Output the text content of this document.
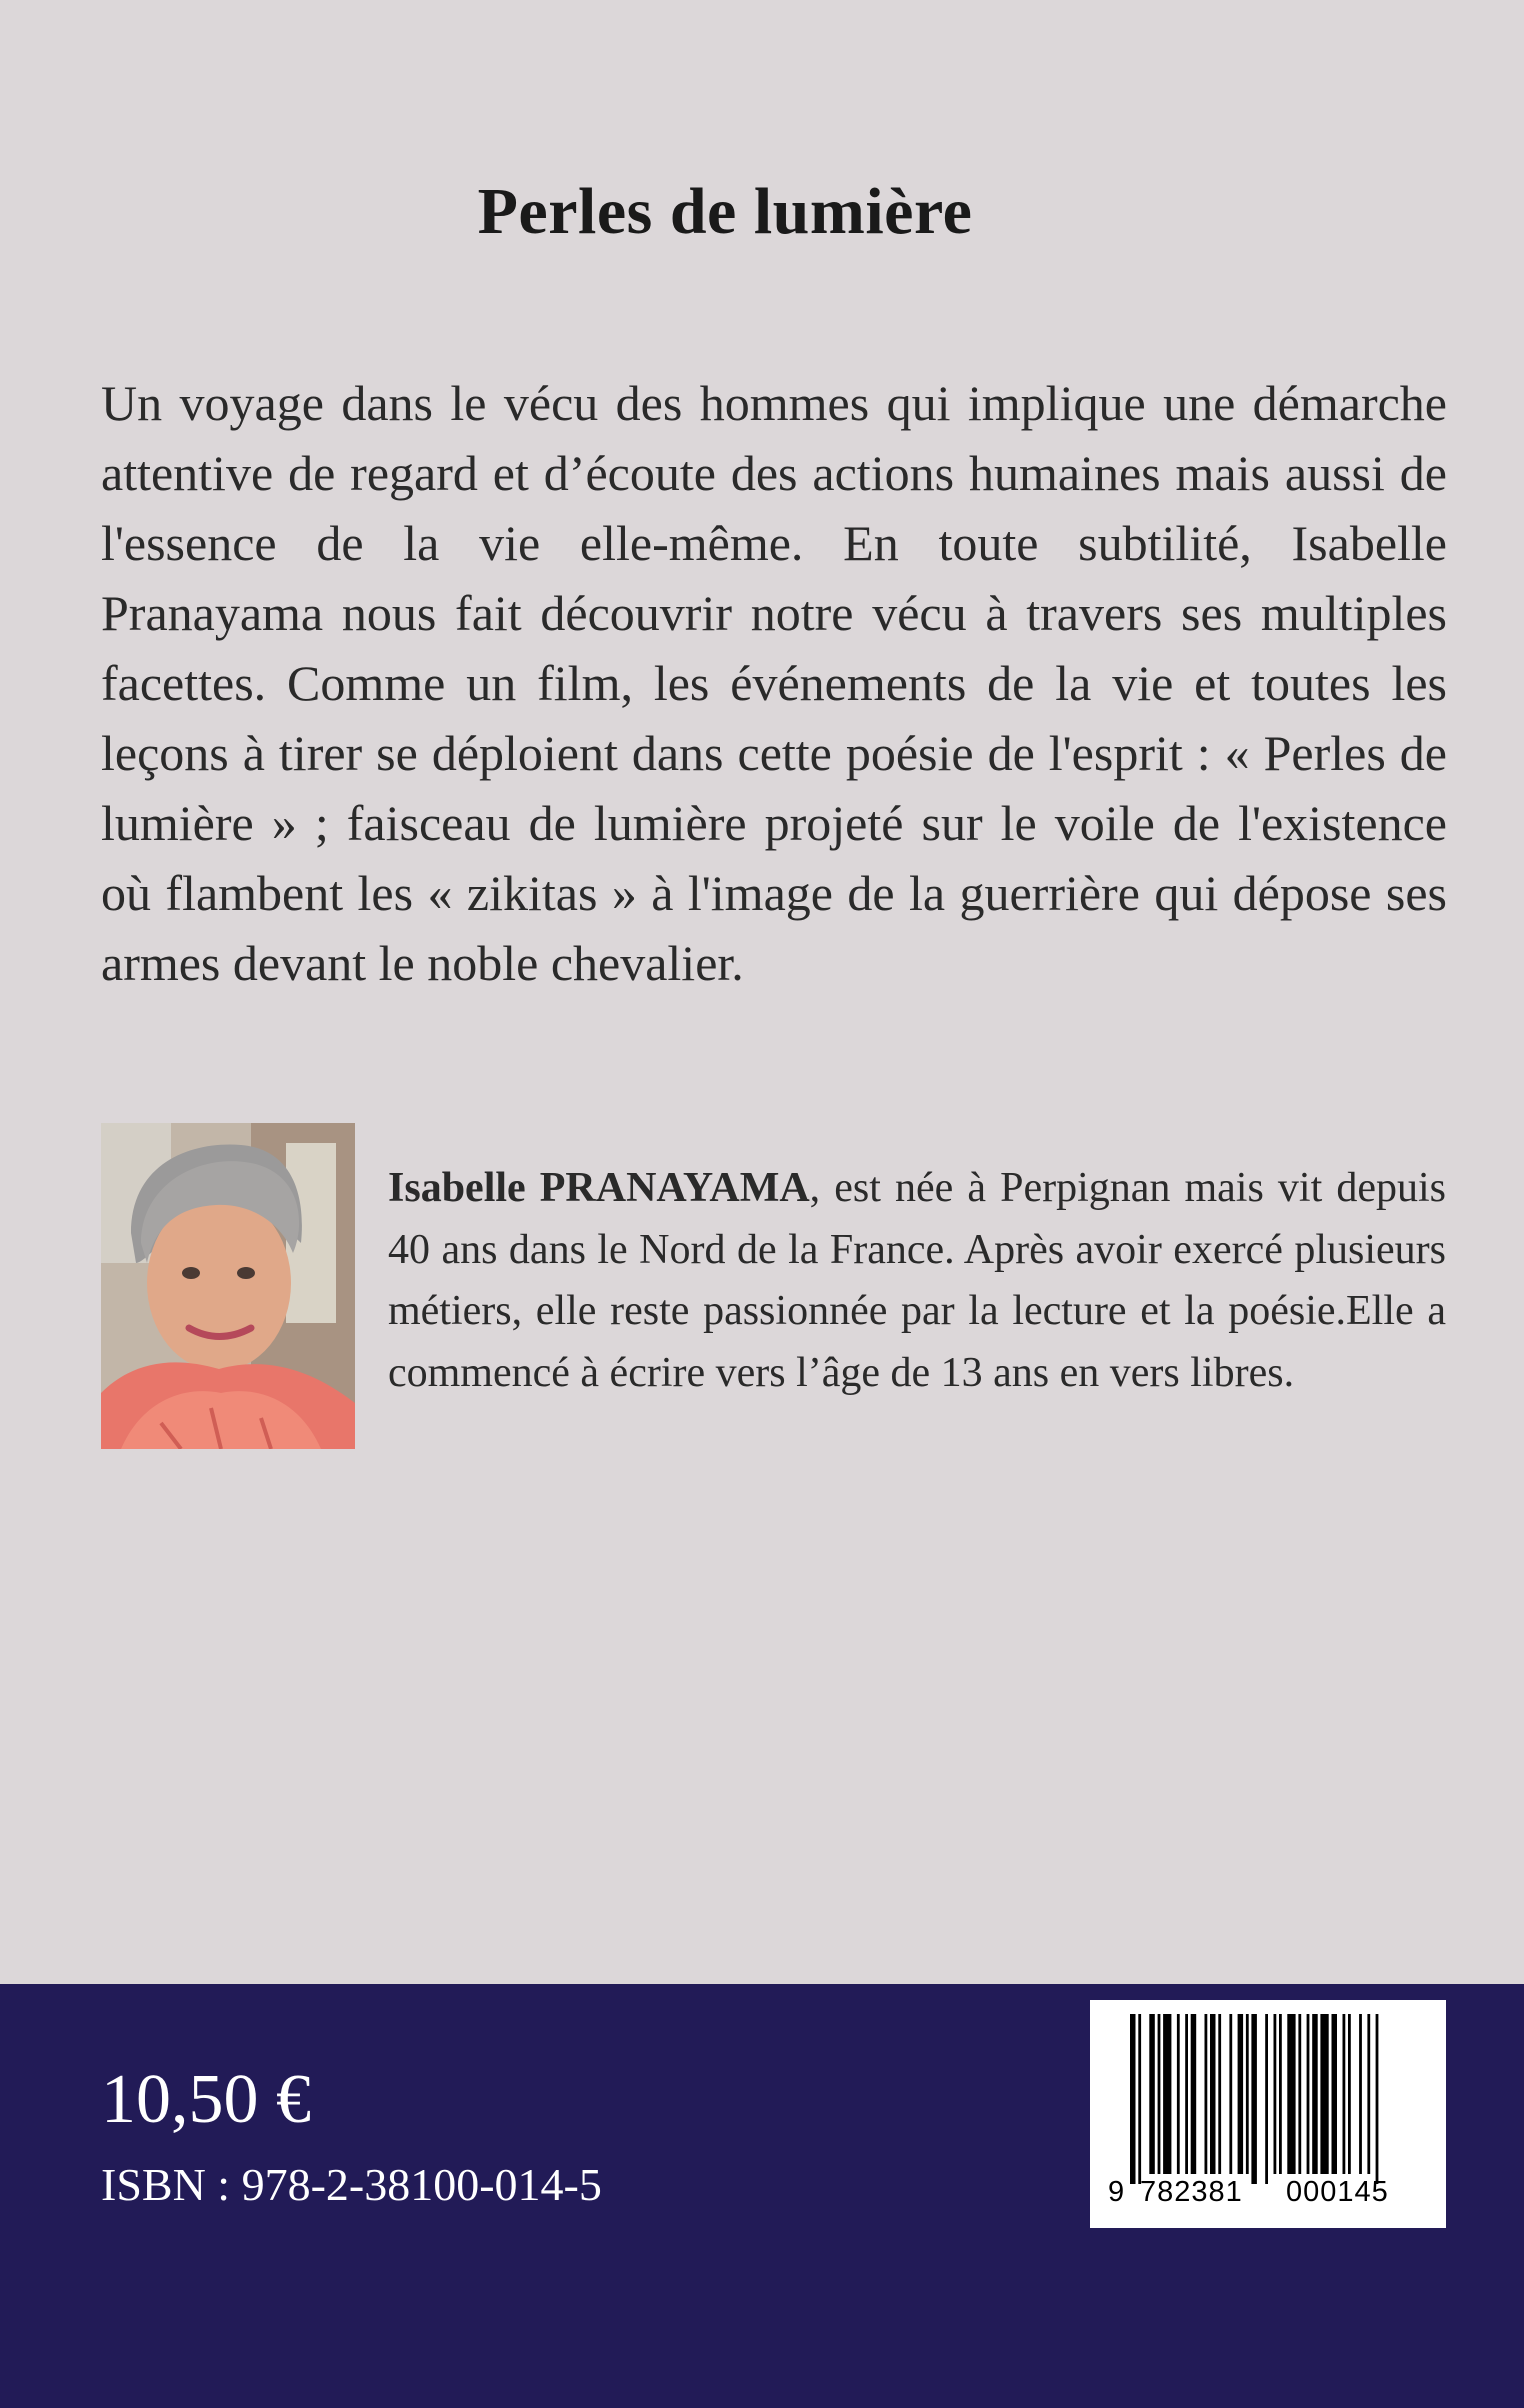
Perles de lumière

Un voyage dans le vécu des hommes qui implique une démarche attentive de regard et d’écoute des actions humaines mais aussi de l'essence de la vie elle-même. En toute subtilité, Isabelle Pranayama nous fait découvrir notre vécu à travers ses multiples facettes. Comme un film, les événements de la vie et toutes les leçons à tirer se déploient dans cette poésie de l'esprit : « Perles de lumière » ; faisceau de lumière projeté sur le voile de l'existence où flambent les « zikitas » à l'image de la guerrière qui dépose ses armes devant le noble chevalier.

Isabelle PRANAYAMA, est née à Perpignan mais vit depuis 40 ans dans le Nord de la France. Après avoir exercé plusieurs métiers, elle reste passionnée par la lecture et la poésie.Elle a commencé à écrire vers l’âge de 13 ans en vers libres.

10,50 €
ISBN : 978-2-38100-014-5	9 782381 000145
